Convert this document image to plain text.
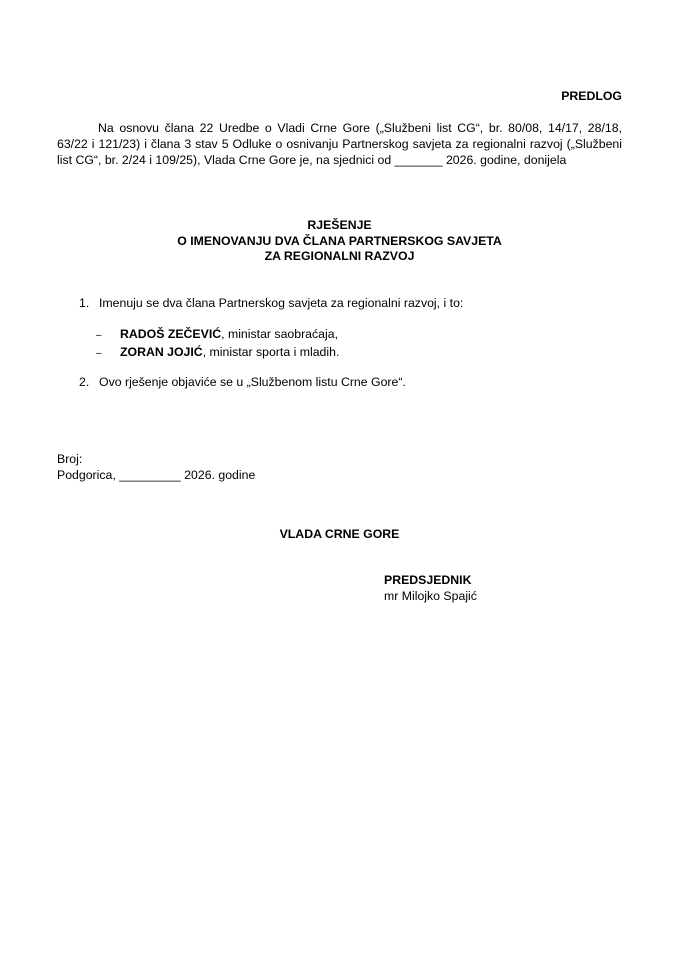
PREDLOG

Na osnovu člana 22 Uredbe o Vladi Crne Gore („Službeni list CG“, br. 80/08, 14/17, 28/18, 63/22 i 121/23) i člana 3 stav 5 Odluke o osnivanju Partnerskog savjeta za regionalni razvoj („Službeni list CG“, br. 2/24 i 109/25), Vlada Crne Gore je, na sjednici od _______ 2026. godine, donijela

RJEŠENJE
O IMENOVANJU DVA ČLANA PARTNERSKOG SAVJETA
ZA REGIONALNI RAZVOJ
1. Imenuju se dva člana Partnerskog savjeta za regionalni razvoj, i to:
– RADOŠ ZEČEVIĆ, ministar saobraćaja,
– ZORAN JOJIĆ, ministar sporta i mladih.
2. Ovo rješenje objaviće se u „Službenom listu Crne Gore“.
Broj:
Podgorica, _________ 2026. godine
VLADA CRNE GORE
PREDSJEDNIK
mr Milojko Spajić
